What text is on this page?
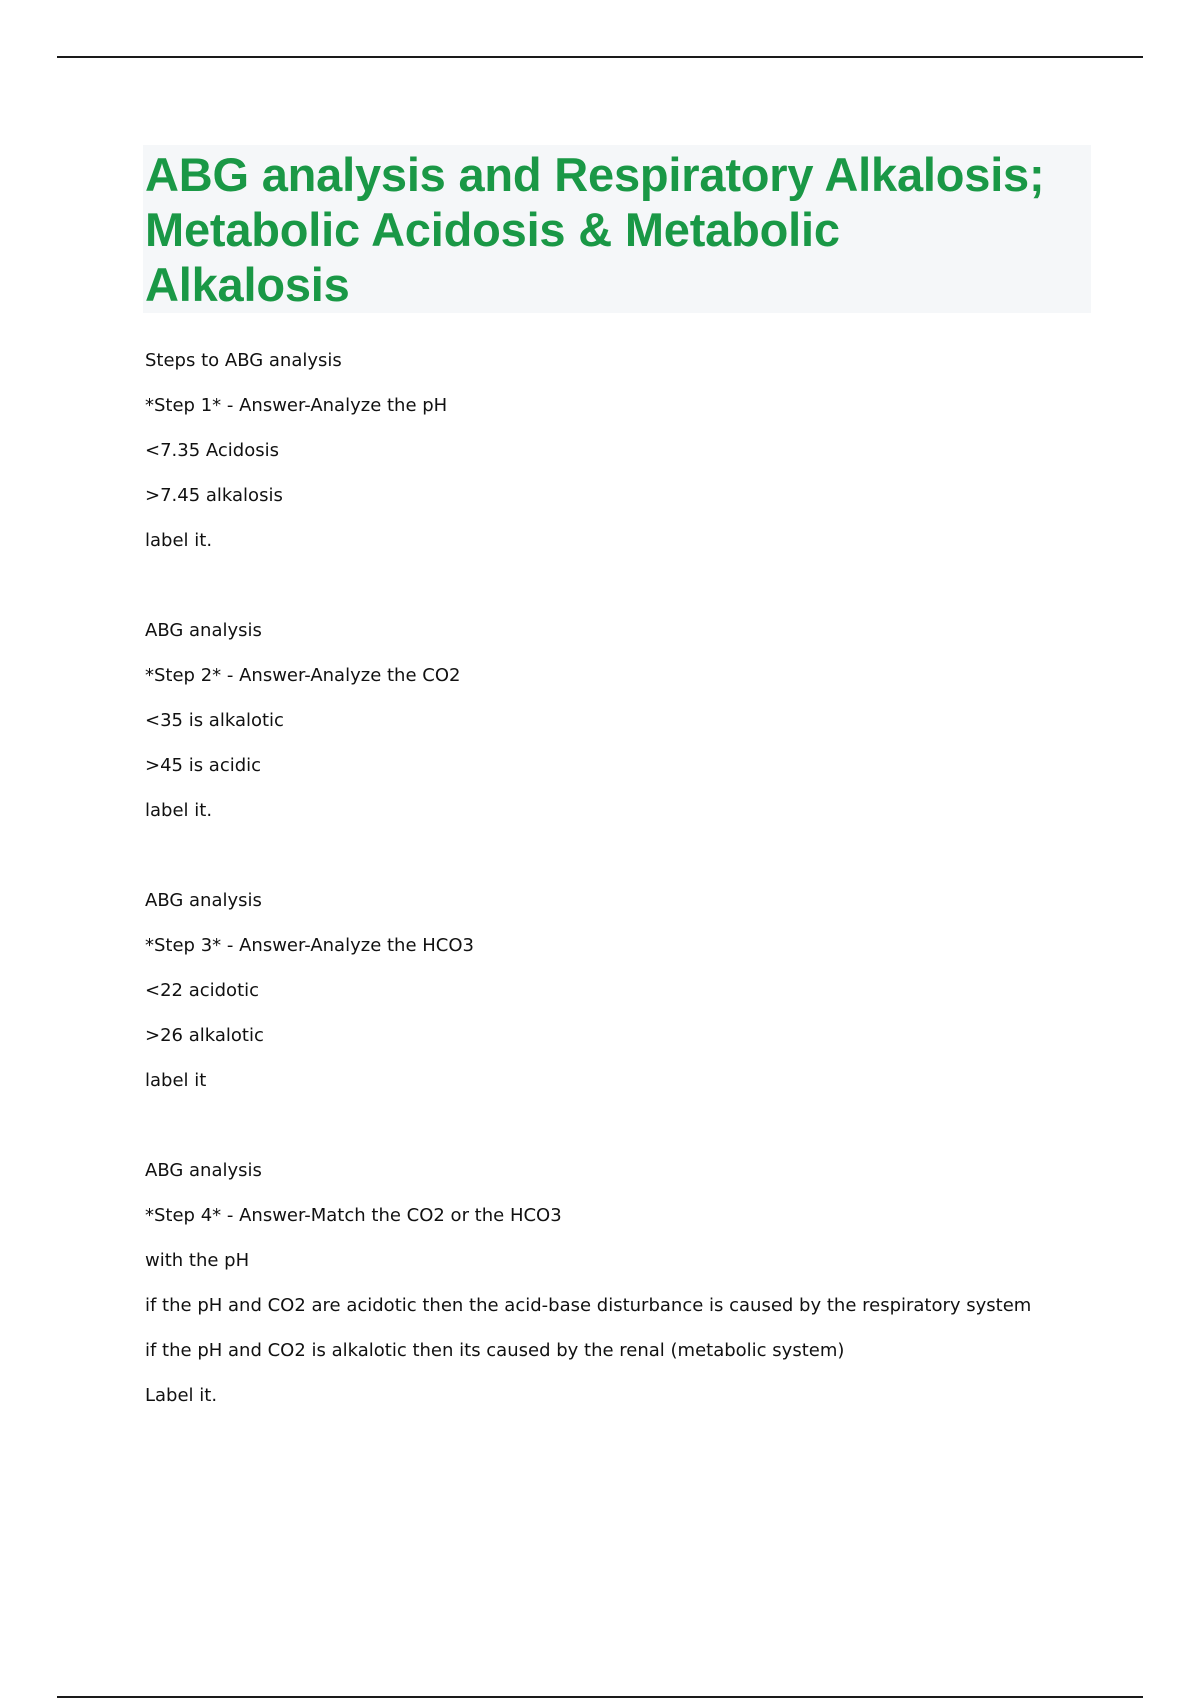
ABG analysis and Respiratory Alkalosis;
Metabolic Acidosis & Metabolic
Alkalosis

Steps to ABG analysis

*Step 1* - Answer-Analyze the pH

<7.35 Acidosis

>7.45 alkalosis

label it.

ABG analysis

*Step 2* - Answer-Analyze the CO2

<35 is alkalotic

>45 is acidic

label it.

ABG analysis

*Step 3* - Answer-Analyze the HCO3

<22 acidotic

>26 alkalotic

label it

ABG analysis

*Step 4* - Answer-Match the CO2 or the HCO3

with the pH

if the pH and CO2 are acidotic then the acid-base disturbance is caused by the respiratory system

if the pH and CO2 is alkalotic then its caused by the renal (metabolic system)

Label it.
